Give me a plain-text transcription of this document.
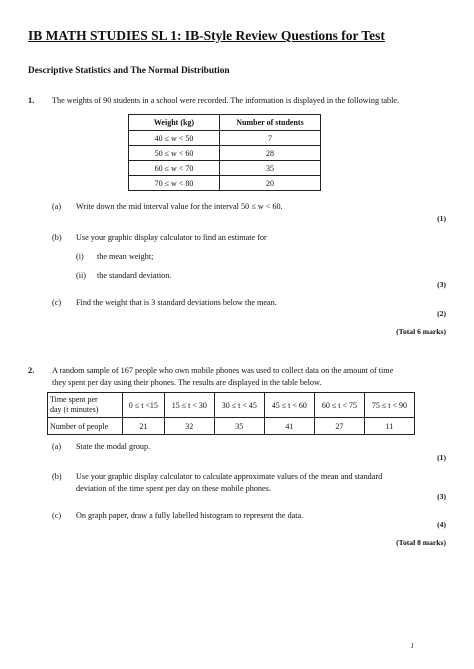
IB MATH STUDIES SL 1: IB-Style Review Questions for Test
Descriptive Statistics and The Normal Distribution
1. The weights of 90 students in a school were recorded. The information is displayed in the following table.
Weight (kg)	Number of students
40 ≤ w < 50	7
50 ≤ w < 60	28
60 ≤ w < 70	35
70 ≤ w < 80	20
(a) Write down the mid interval value for the interval 50 ≤ w < 60.
(1)
(b) Use your graphic display calculator to find an estimate for
(i) the mean weight;
(ii) the standard deviation.
(3)
(c) Find the weight that is 3 standard deviations below the mean.
(2)
(Total 6 marks)
2. A random sample of 167 people who own mobile phones was used to collect data on the amount of time
they spent per day using their phones. The results are displayed in the table below.
Time spent per
day (t minutes)	0 ≤ t <15	15 ≤ t < 30	30 ≤ t < 45	45 ≤ t < 60	60 ≤ t < 75	75 ≤ t < 90
Number of people	21	32	35	41	27	11
(a) State the modal group.
(1)
(b) Use your graphic display calculator to calculate approximate values of the mean and standard
deviation of the time spent per day on these mobile phones.
(3)
(c) On graph paper, draw a fully labelled histogram to represent the data.
(4)
(Total 8 marks)
1
